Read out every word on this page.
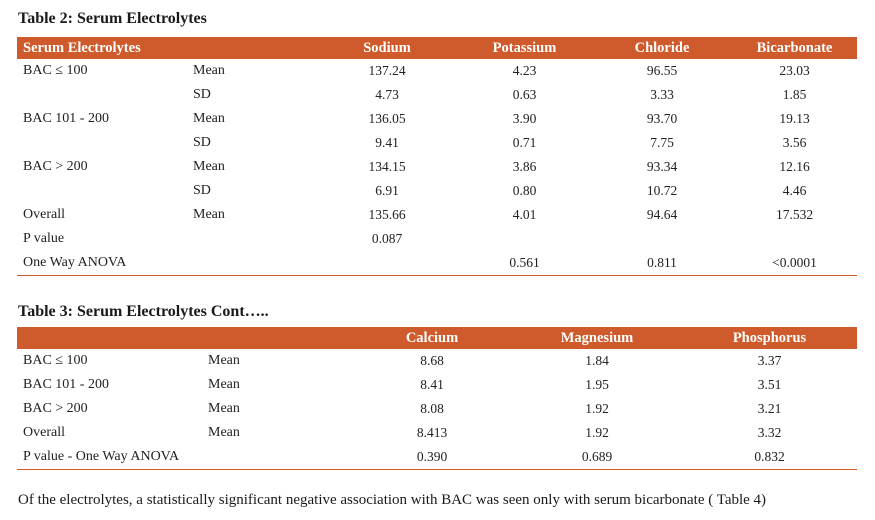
Table 2: Serum Electrolytes
Serum Electrolytes		Sodium	Potassium	Chloride	Bicarbonate
BAC ≤ 100	Mean	137.24	4.23	96.55	23.03
	SD	4.73	0.63	3.33	1.85
BAC 101 - 200	Mean	136.05	3.90	93.70	19.13
	SD	9.41	0.71	7.75	3.56
BAC > 200	Mean	134.15	3.86	93.34	12.16
	SD	6.91	0.80	10.72	4.46
Overall	Mean	135.66	4.01	94.64	17.532
P value		0.087			
One Way ANOVA			0.561	0.811	<0.0001
Table 3: Serum Electrolytes Cont…..
		Calcium	Magnesium	Phosphorus
BAC ≤ 100	Mean	8.68	1.84	3.37
BAC 101 - 200	Mean	8.41	1.95	3.51
BAC > 200	Mean	8.08	1.92	3.21
Overall	Mean	8.413	1.92	3.32
P value - One Way ANOVA		0.390	0.689	0.832
Of the electrolytes, a statistically significant negative association with BAC was seen only with serum bicarbonate ( Table 4)
